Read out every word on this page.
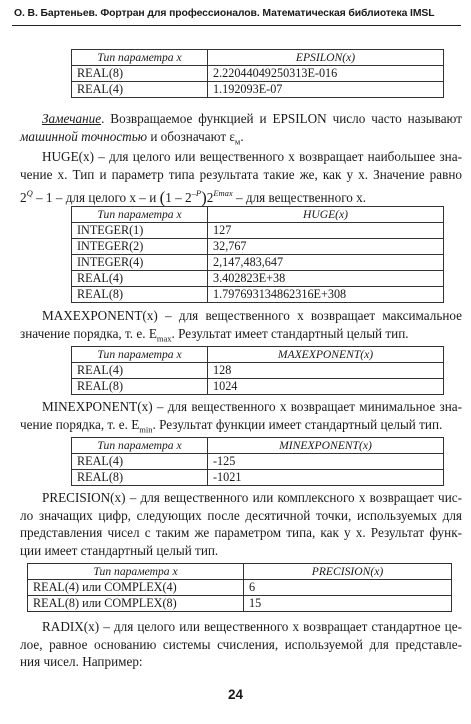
О. В. Бартеньев. Фортран для профессионалов. Математическая библиотека IMSL
Тип параметра x	EPSILON(x)
REAL(8)	2.22044049250313E-016
REAL(4)	1.192093E-07
Замечание. Возвращаемое функцией и EPSILON число часто называют
машинной точностью и обозначают $\varepsilon_м$.
HUGE(x) – для целого или вещественного x возвращает наибольшее зна-
чение x. Тип и параметр типа результата такие же, как у x. Значение равно
$2^Q - 1$ – для целого x – и $(1 - 2^{-P})2^{Emax}$ – для вещественного x.
Тип параметра x	HUGE(x)
INTEGER(1)	127
INTEGER(2)	32,767
INTEGER(4)	2,147,483,647
REAL(4)	3.402823E+38
REAL(8)	1.797693134862316E+308
MAXEXPONENT(x) – для вещественного x возвращает максимальное
значение порядка, т. е. $E_{max}$. Результат имеет стандартный целый тип.
Тип параметра x	MAXEXPONENT(x)
REAL(4)	128
REAL(8)	1024
MINEXPONENT(x) – для вещественного x возвращает минимальное зна-
чение порядка, т. е. $E_{min}$. Результат функции имеет стандартный целый тип.
Тип параметра x	MINEXPONENT(x)
REAL(4)	-125
REAL(8)	-1021
PRECISION(x) – для вещественного или комплексного x возвращает чис-
ло значащих цифр, следующих после десятичной точки, используемых для
представления чисел с таким же параметром типа, как у x. Результат функ-
ции имеет стандартный целый тип.
Тип параметра x	PRECISION(x)
REAL(4) или COMPLEX(4)	6
REAL(8) или COMPLEX(8)	15
RADIX(x) – для целого или вещественного x возвращает стандартное це-
лое, равное основанию системы счисления, используемой для представле-
ния чисел. Например:
24
